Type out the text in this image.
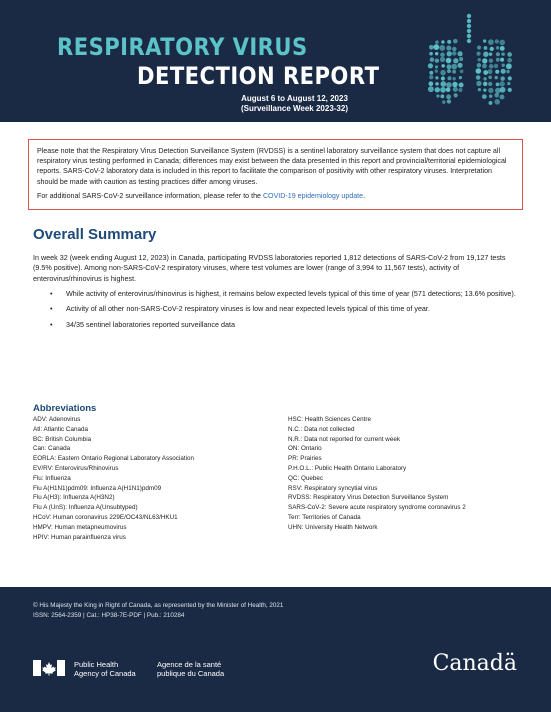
RESPIRATORY VIRUS
DETECTION REPORT
August 6 to August 12, 2023
(Surveillance Week 2023-32)

Please note that the Respiratory Virus Detection Surveillance System (RVDSS) is a sentinel laboratory surveillance system that does not capture all respiratory virus testing performed in Canada; differences may exist between the data presented in this report and provincial/territorial epidemiological reports. SARS-CoV-2 laboratory data is included in this report to facilitate the comparison of positivity with other respiratory viruses. Interpretation should be made with caution as testing practices differ among viruses.

For additional SARS-CoV-2 surveillance information, please refer to the COVID-19 epidemiology update.

Overall Summary

In week 32 (week ending August 12, 2023) in Canada, participating RVDSS laboratories reported 1,812 detections of SARS-CoV-2 from 19,127 tests (9.5% positive). Among non-SARS-CoV-2 respiratory viruses, where test volumes are lower (range of 3,994 to 11,567 tests), activity of enterovirus/rhinovirus is highest.

• While activity of enterovirus/rhinovirus is highest, it remains below expected levels typical of this time of year (571 detections; 13.6% positive).
• Activity of all other non-SARS-CoV-2 respiratory viruses is low and near expected levels typical of this time of year.
• 34/35 sentinel laboratories reported surveillance data
Abbreviations
ADV: Adenovirus
Atl: Atlantic Canada
BC: British Columbia
Can: Canada
EORLA: Eastern Ontario Regional Laboratory Association
EV/RV: Enterovirus/Rhinovirus
Flu: Influenza
Flu A(H1N1)pdm09: Influenza A(H1N1)pdm09
Flu A(H3): Influenza A(H3N2)
Flu A (UnS): Influenza A(Unsubtyped)
HCoV: Human coronavirus 229E/OC43/NL63/HKU1
HMPV: Human metapneumovirus
HPIV: Human parainfluenza virus
HSC: Health Sciences Centre
N.C.: Data not collected
N.R.: Data not reported for current week
ON: Ontario
PR: Prairies
P.H.O.L.: Public Health Ontario Laboratory
QC: Quebec
RSV: Respiratory syncytial virus
RVDSS: Respiratory Virus Detection Surveillance System
SARS-CoV-2: Severe acute respiratory syndrome coronavirus 2
Terr: Territories of Canada
UHN: University Health Network
© His Majesty the King in Right of Canada, as represented by the Minister of Health, 2021
ISSN: 2564-2359 | Cat.: HP38-7E-PDF | Pub.: 210284
Public Health
Agency of Canada
Agence de la santé
publique du Canada	Canadä
